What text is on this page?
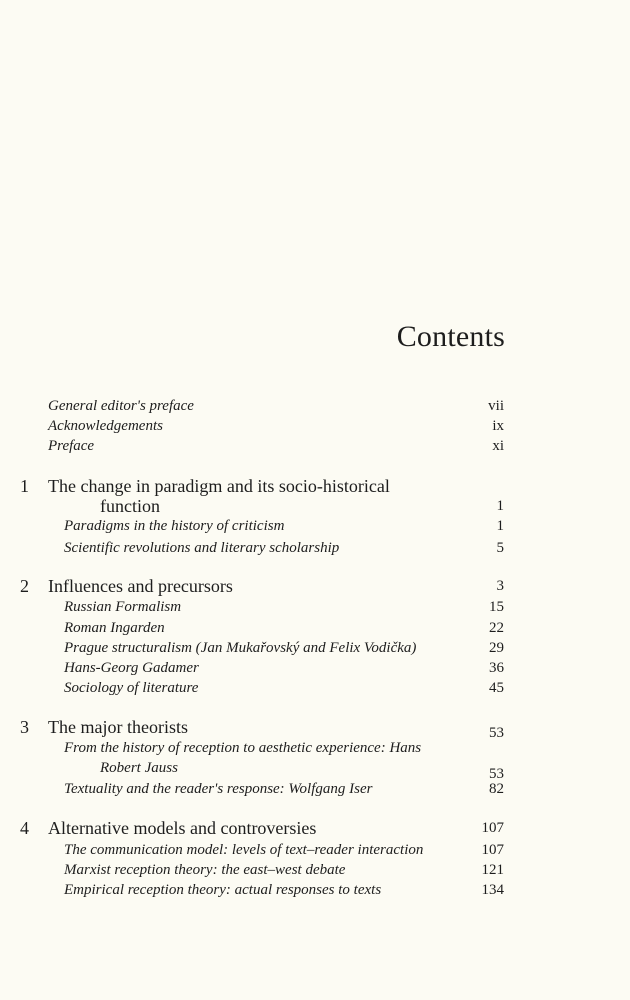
Contents
General editor's preface	vii
Acknowledgements	ix
Preface	xi
1 The change in paradigm and its socio-historical
function	1
Paradigms in the history of criticism	1
Scientific revolutions and literary scholarship	5
2 Influences and precursors	3
Russian Formalism	15
Roman Ingarden	22
Prague structuralism (Jan Mukařovský and Felix Vodička)	29
Hans-Georg Gadamer	36
Sociology of literature	45
3 The major theorists	53
From the history of reception to aesthetic experience: Hans
Robert Jauss	53
Textuality and the reader's response: Wolfgang Iser	82
4 Alternative models and controversies	107
The communication model: levels of text–reader interaction	107
Marxist reception theory: the east–west debate	121
Empirical reception theory: actual responses to texts	134
